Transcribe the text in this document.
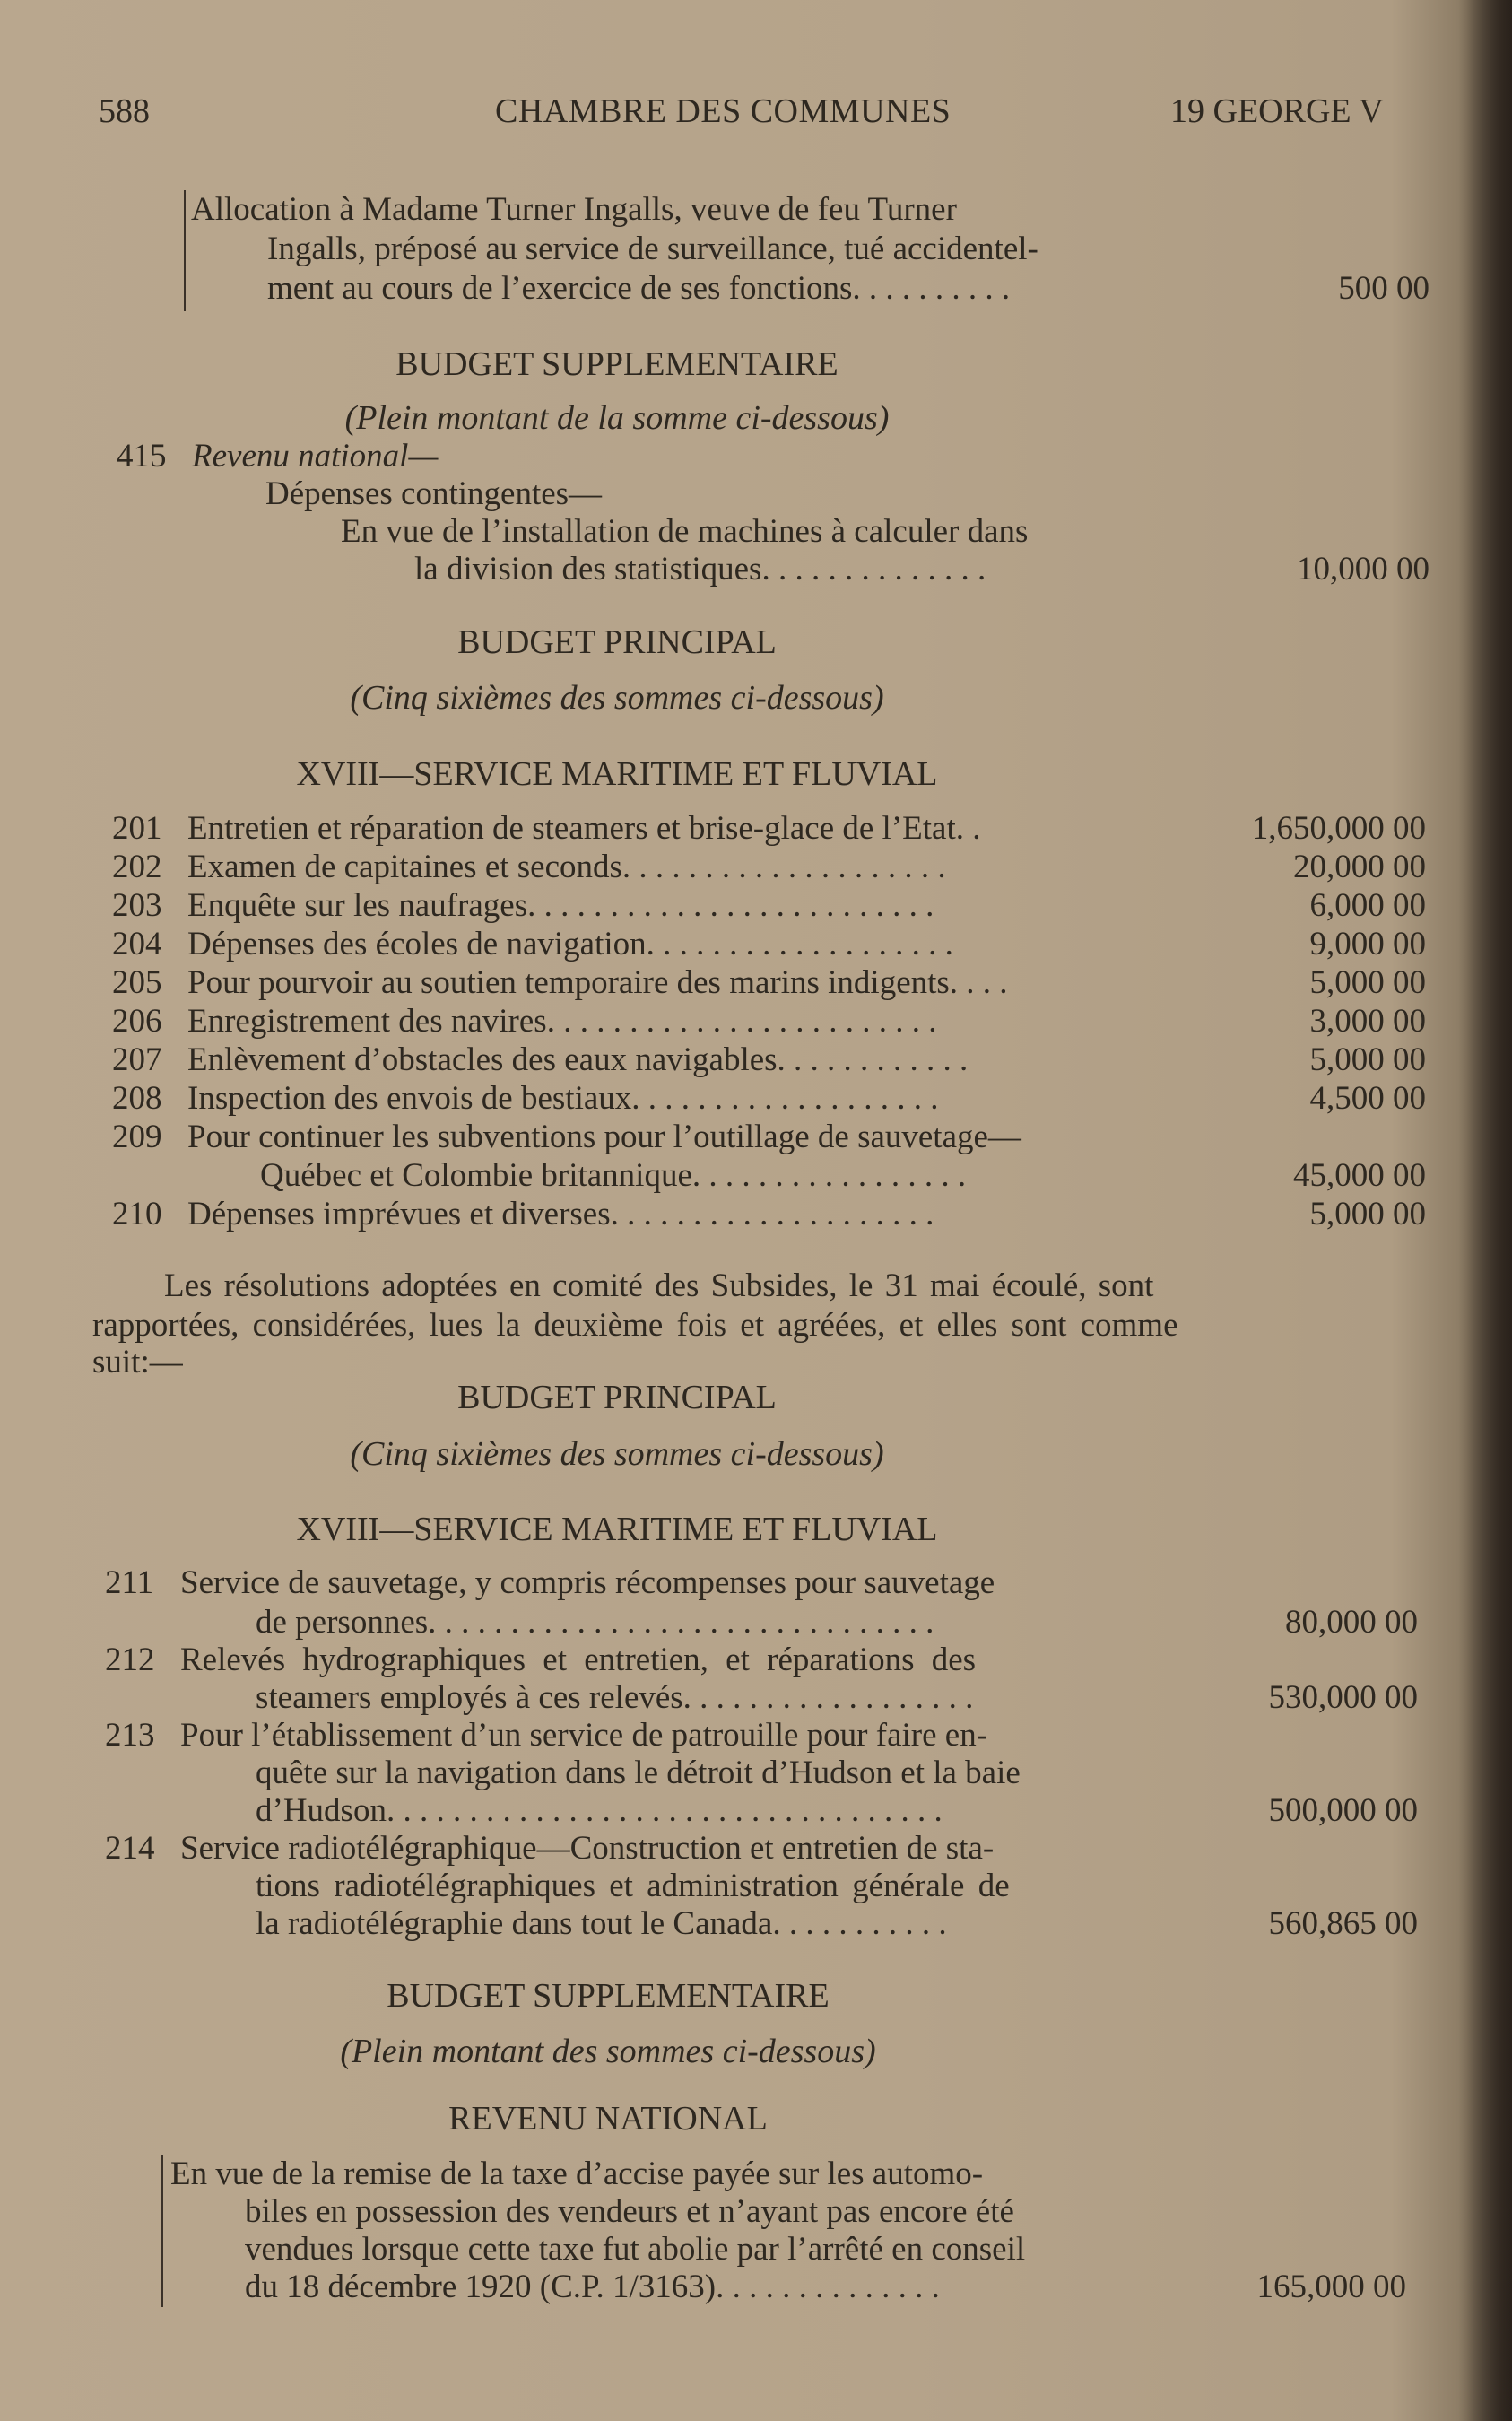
588	CHAMBRE DES COMMUNES	19 GEORGE V
Allocation à Madame Turner Ingalls, veuve de feu Turner
Ingalls, préposé au service de surveillance, tué accidentel-
ment au cours de l’exercice de ses fonctions. . . . . . . . . .	500 00
BUDGET SUPPLEMENTAIRE
(Plein montant de la somme ci-dessous)
415 Revenu national—
Dépenses contingentes—
En vue de l’installation de machines à calculer dans
la division des statistiques. . . . . . . . . . . . . .	10,000 00
BUDGET PRINCIPAL
(Cinq sixièmes des sommes ci-dessous)
XVIII—SERVICE MARITIME ET FLUVIAL
201 Entretien et réparation de steamers et brise-glace de l’Etat. .	1,650,000 00
202 Examen de capitaines et seconds. . . . . . . . . . . . . . . . . . . .	20,000 00
203 Enquête sur les naufrages. . . . . . . . . . . . . . . . . . . . . . . . .	6,000 00
204 Dépenses des écoles de navigation. . . . . . . . . . . . . . . . . . .	9,000 00
205 Pour pourvoir au soutien temporaire des marins indigents. . . .	5,000 00
206 Enregistrement des navires. . . . . . . . . . . . . . . . . . . . . . . .	3,000 00
207 Enlèvement d’obstacles des eaux navigables. . . . . . . . . . . .	5,000 00
208 Inspection des envois de bestiaux. . . . . . . . . . . . . . . . . . .	4,500 00
209 Pour continuer les subventions pour l’outillage de sauvetage—
Québec et Colombie britannique. . . . . . . . . . . . . . . . .	45,000 00
210 Dépenses imprévues et diverses. . . . . . . . . . . . . . . . . . . .	5,000 00
Les résolutions adoptées en comité des Subsides, le 31 mai écoulé, sont
rapportées, considérées, lues la deuxième fois et agréées, et elles sont comme
suit:—
BUDGET PRINCIPAL
(Cinq sixièmes des sommes ci-dessous)
XVIII—SERVICE MARITIME ET FLUVIAL
211 Service de sauvetage, y compris récompenses pour sauvetage
de personnes. . . . . . . . . . . . . . . . . . . . . . . . . . . . . . .	80,000 00
212 Relevés hydrographiques et entretien, et réparations des
steamers employés à ces relevés. . . . . . . . . . . . . . . . . .	530,000 00
213 Pour l’établissement d’un service de patrouille pour faire en-
quête sur la navigation dans le détroit d’Hudson et la baie
d’Hudson. . . . . . . . . . . . . . . . . . . . . . . . . . . . . . . . . .	500,000 00
214 Service radiotélégraphique—Construction et entretien de sta-
tions radiotélégraphiques et administration générale de
la radiotélégraphie dans tout le Canada. . . . . . . . . . .	560,865 00
BUDGET SUPPLEMENTAIRE
(Plein montant des sommes ci-dessous)
REVENU NATIONAL
En vue de la remise de la taxe d’accise payée sur les automo-
biles en possession des vendeurs et n’ayant pas encore été
vendues lorsque cette taxe fut abolie par l’arrêté en conseil
du 18 décembre 1920 (C.P. 1/3163). . . . . . . . . . . . . .	165,000 00
